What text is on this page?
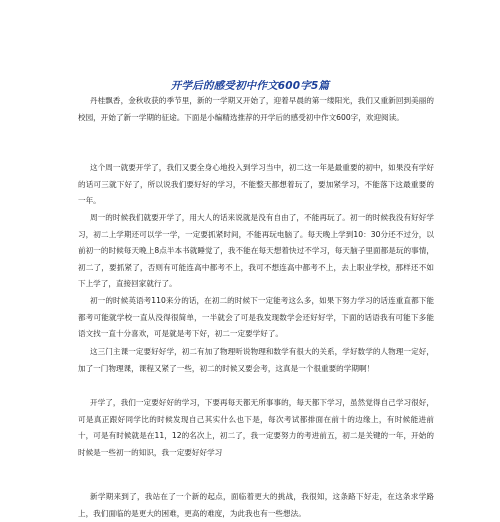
开学后的感受初中作文600字5篇

丹桂飘香，金秋收获的季节里，新的一学期又开始了，迎着早晨的第一缕阳光，我们又重新回到美丽的校园，开始了新一学期的征途。下面是小编精选推荐的开学后的感受初中作文600字，欢迎阅读。

这个周一就要开学了，我们又要全身心地投入到学习当中，初二这一年是最重要的初中，如果没有学好的话可三就下好了，所以说我们要好好的学习，不能整天都想着玩了，要加紧学习，不能落下这最重要的一年。

周一的时候我们就要开学了，用大人的话来说就是没有自由了，不能再玩了。初一的时候我没有好好学习，初二上学期还可以学一学，一定要抓紧时间，不能再玩电脑了。每天晚上学到10：30分还不过分，以前初一的时候每天晚上8点半本书就睡觉了，我不能在每天想着快过不学习，每天脑子里面都是玩的事情，初二了，要抓紧了，否则有可能连高中都考不上，我可不想连高中都考不上，去上职业学校，那样还不如下上学了，直接回家就行了。

初一的时候英语考110来分的话，在初二的时候下一定能考这么多，如果下努力学习的话连重直都下能都考可能就学校一直从没得很简单，一半就会了可是我发现数学会还好好学，下面的话语我有可能下多能语文找一直十分喜欢，可是就是考下好，初二一定要学好了。

这三门主课一定要好好学，初二有加了物理听说物理和数学有很大的关系，学好数学的人物理一定好，加了一门物理课，课程又紧了一些，初二的时候又要会考，这真是一个很重要的学期啊！

开学了，我们一定要好好的学习，下要再每天都无所事事的，每天都下学习，虽然觉得自己学习很好，可是真正跟好同学比的时候发现自己其实什么也下是，每次考试都排面在前十的边缘上，有时候能进前十，可是有时候就是在11，12的名次上，初二了，我一定要努力的考进前五，初二是关键的一年，开始的时候是一些初一的知识，我一定要好好学习

新学期来到了，我站在了一个新的起点，面临着更大的挑战，我很知，这条路下好走，在这条求学路上，我们面临的是更大的困难，更高的难度，为此我也有一些想法。
